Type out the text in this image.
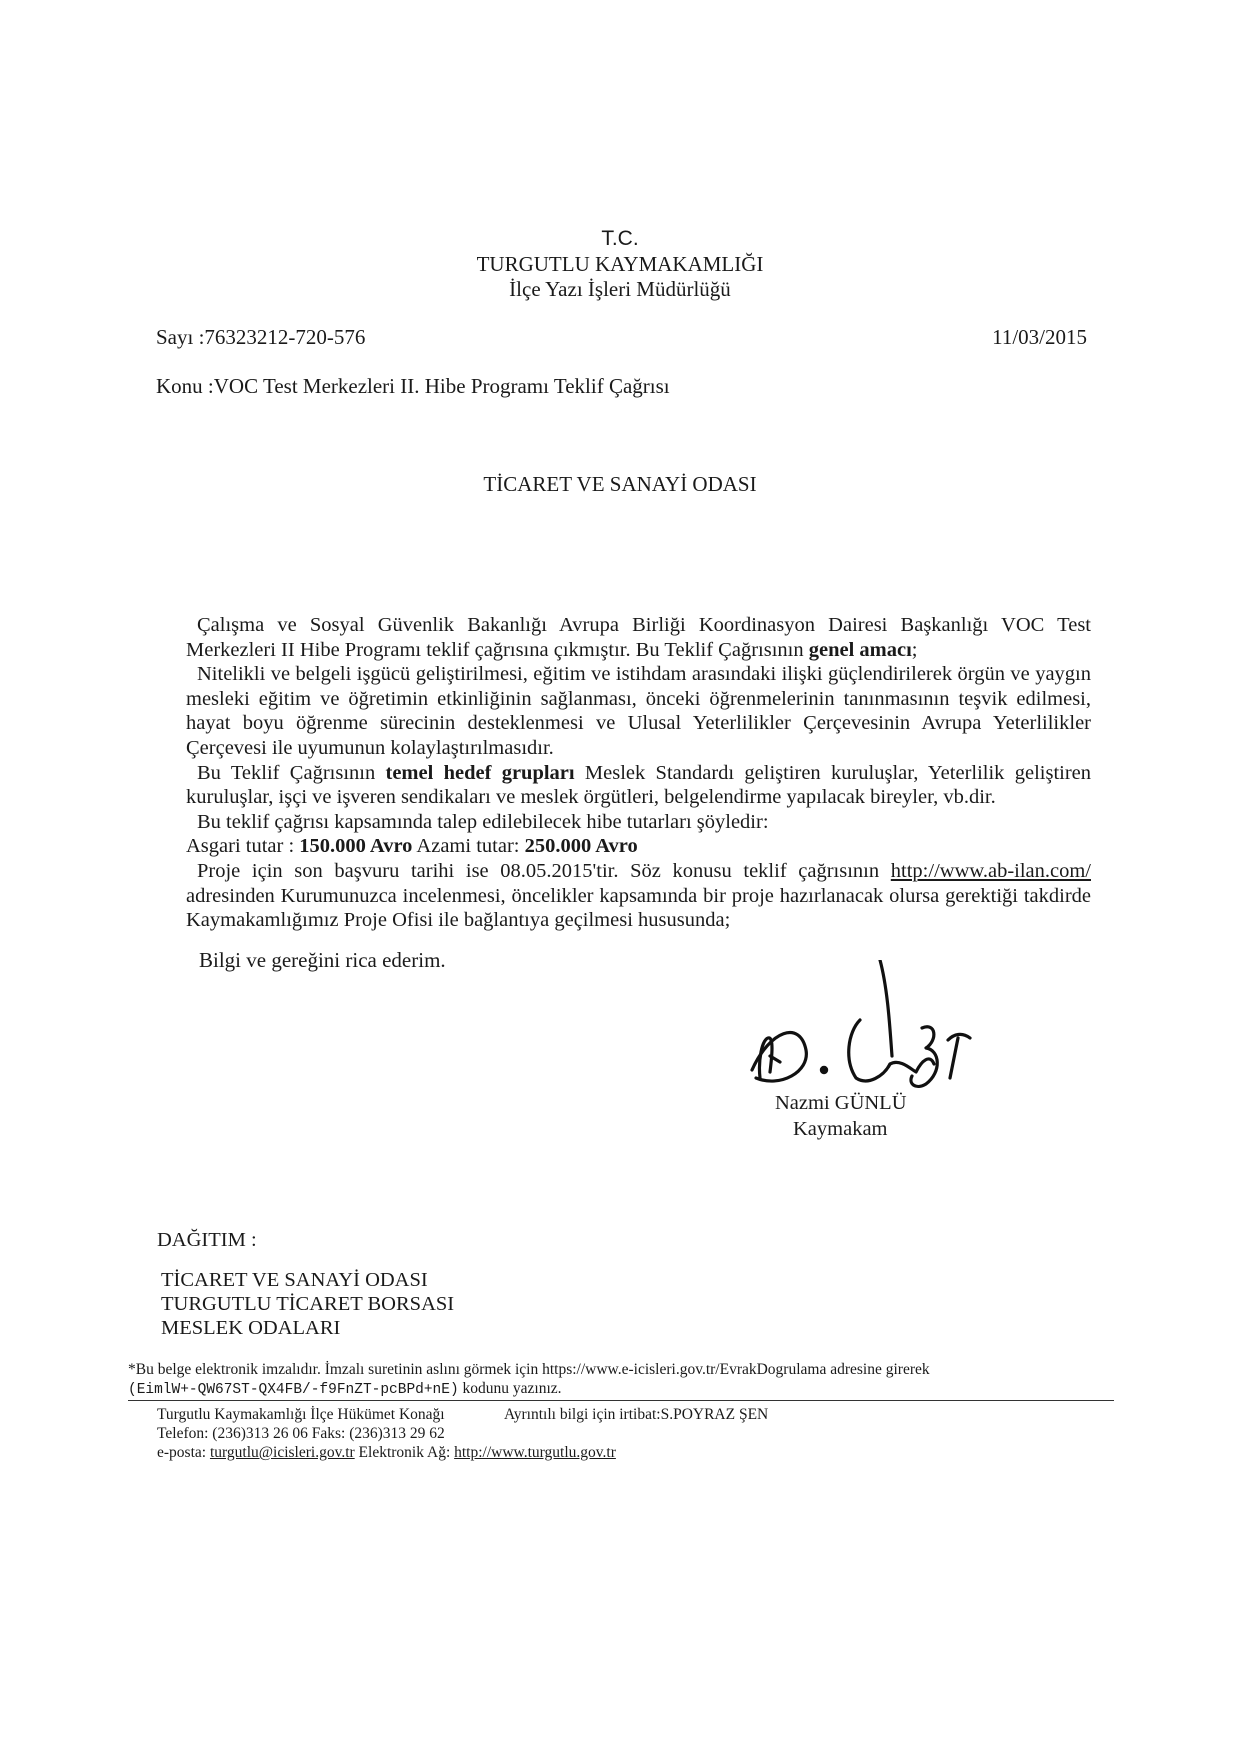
T.C.
TURGUTLU KAYMAKAMLIĞI
İlçe Yazı İşleri Müdürlüğü
Sayı :76323212-720-576	11/03/2015
Konu :VOC Test Merkezleri II. Hibe Programı Teklif Çağrısı
TİCARET VE SANAYİ ODASI

Çalışma ve Sosyal Güvenlik Bakanlığı Avrupa Birliği Koordinasyon Dairesi Başkanlığı VOC Test Merkezleri II Hibe Programı teklif çağrısına çıkmıştır. Bu Teklif Çağrısının genel amacı;

Nitelikli ve belgeli işgücü geliştirilmesi, eğitim ve istihdam arasındaki ilişki güçlendirilerek örgün ve yaygın mesleki eğitim ve öğretimin etkinliğinin sağlanması, önceki öğrenmelerinin tanınmasının teşvik edilmesi, hayat boyu öğrenme sürecinin desteklenmesi ve Ulusal Yeterlilikler Çerçevesinin Avrupa Yeterlilikler Çerçevesi ile uyumunun kolaylaştırılmasıdır.

Bu Teklif Çağrısının temel hedef grupları Meslek Standardı geliştiren kuruluşlar, Yeterlilik geliştiren kuruluşlar, işçi ve işveren sendikaları ve meslek örgütleri, belgelendirme yapılacak bireyler, vb.dir.

Bu teklif çağrısı kapsamında talep edilebilecek hibe tutarları şöyledir:

Asgari tutar : 150.000 Avro Azami tutar: 250.000 Avro

Proje için son başvuru tarihi ise 08.05.2015'tir. Söz konusu teklif çağrısının http://www.ab-ilan.com/ adresinden Kurumunuzca incelenmesi, öncelikler kapsamında bir proje hazırlanacak olursa gerektiği takdirde Kaymakamlığımız Proje Ofisi ile bağlantıya geçilmesi hususunda;

Bilgi ve gereğini rica ederim.
Nazmi GÜNLÜ
Kaymakam
DAĞITIM :
TİCARET VE SANAYİ ODASI
TURGUTLU TİCARET BORSASI
MESLEK ODALARI
*Bu belge elektronik imzalıdır. İmzalı suretinin aslını görmek için https://www.e-icisleri.gov.tr/EvrakDogrulama adresine girerek
(EimlW+-QW67ST-QX4FB/-f9FnZT-pcBPd+nE) kodunu yazınız.
Turgutlu Kaymakamlığı İlçe Hükümet Konağı	Ayrıntılı bilgi için irtibat:S.POYRAZ ŞEN
Telefon: (236)313 26 06 Faks: (236)313 29 62
e-posta: turgutlu@icisleri.gov.tr Elektronik Ağ: http://www.turgutlu.gov.tr
